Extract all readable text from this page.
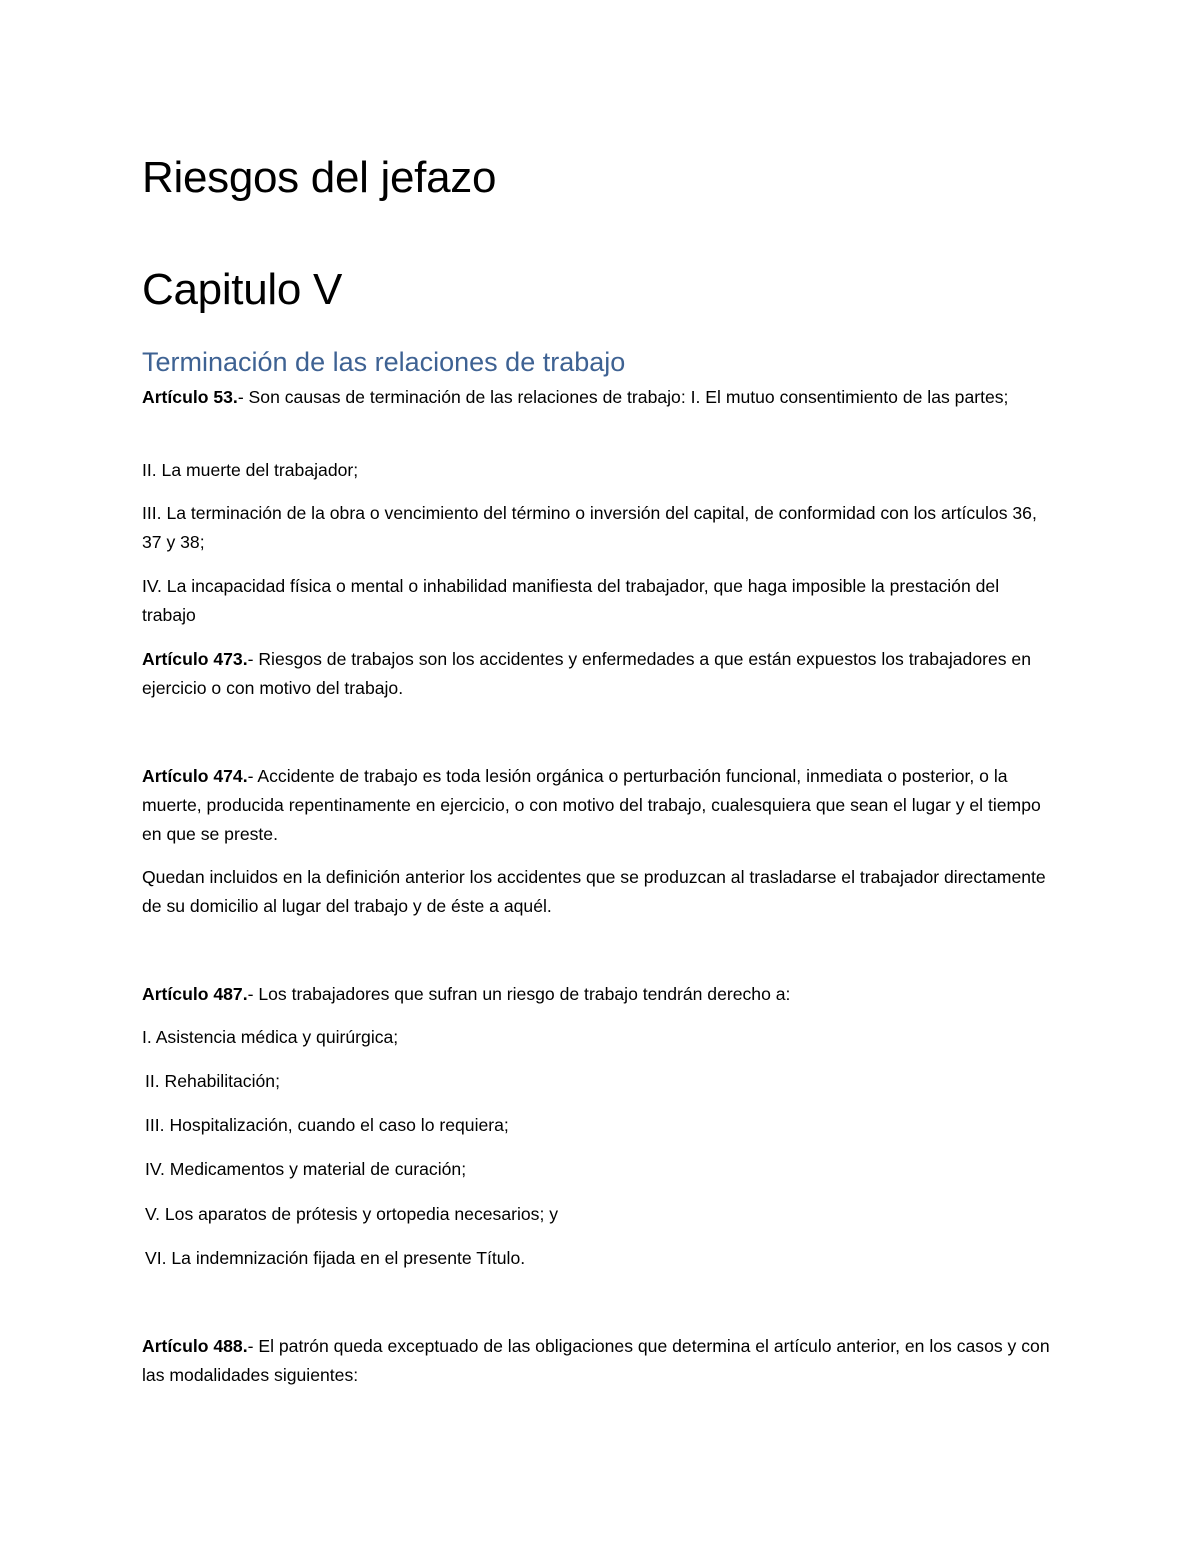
Riesgos del jefazo
Capitulo V
Terminación de las relaciones de trabajo

Artículo 53.- Son causas de terminación de las relaciones de trabajo: I. El mutuo consentimiento de las partes;

II. La muerte del trabajador;

III. La terminación de la obra o vencimiento del término o inversión del capital, de conformidad con los artículos 36, 37 y 38;

IV. La incapacidad física o mental o inhabilidad manifiesta del trabajador, que haga imposible la prestación del trabajo

Artículo 473.- Riesgos de trabajos son los accidentes y enfermedades a que están expuestos los trabajadores en ejercicio o con motivo del trabajo.

Artículo 474.- Accidente de trabajo es toda lesión orgánica o perturbación funcional, inmediata o posterior, o la muerte, producida repentinamente en ejercicio, o con motivo del trabajo, cualesquiera que sean el lugar y el tiempo en que se preste.

Quedan incluidos en la definición anterior los accidentes que se produzcan al trasladarse el trabajador directamente de su domicilio al lugar del trabajo y de éste a aquél.

Artículo 487.- Los trabajadores que sufran un riesgo de trabajo tendrán derecho a:

I. Asistencia médica y quirúrgica;

II. Rehabilitación;

III. Hospitalización, cuando el caso lo requiera;

IV. Medicamentos y material de curación;

V. Los aparatos de prótesis y ortopedia necesarios; y

VI. La indemnización fijada en el presente Título.

Artículo 488.- El patrón queda exceptuado de las obligaciones que determina el artículo anterior, en los casos y con las modalidades siguientes:
